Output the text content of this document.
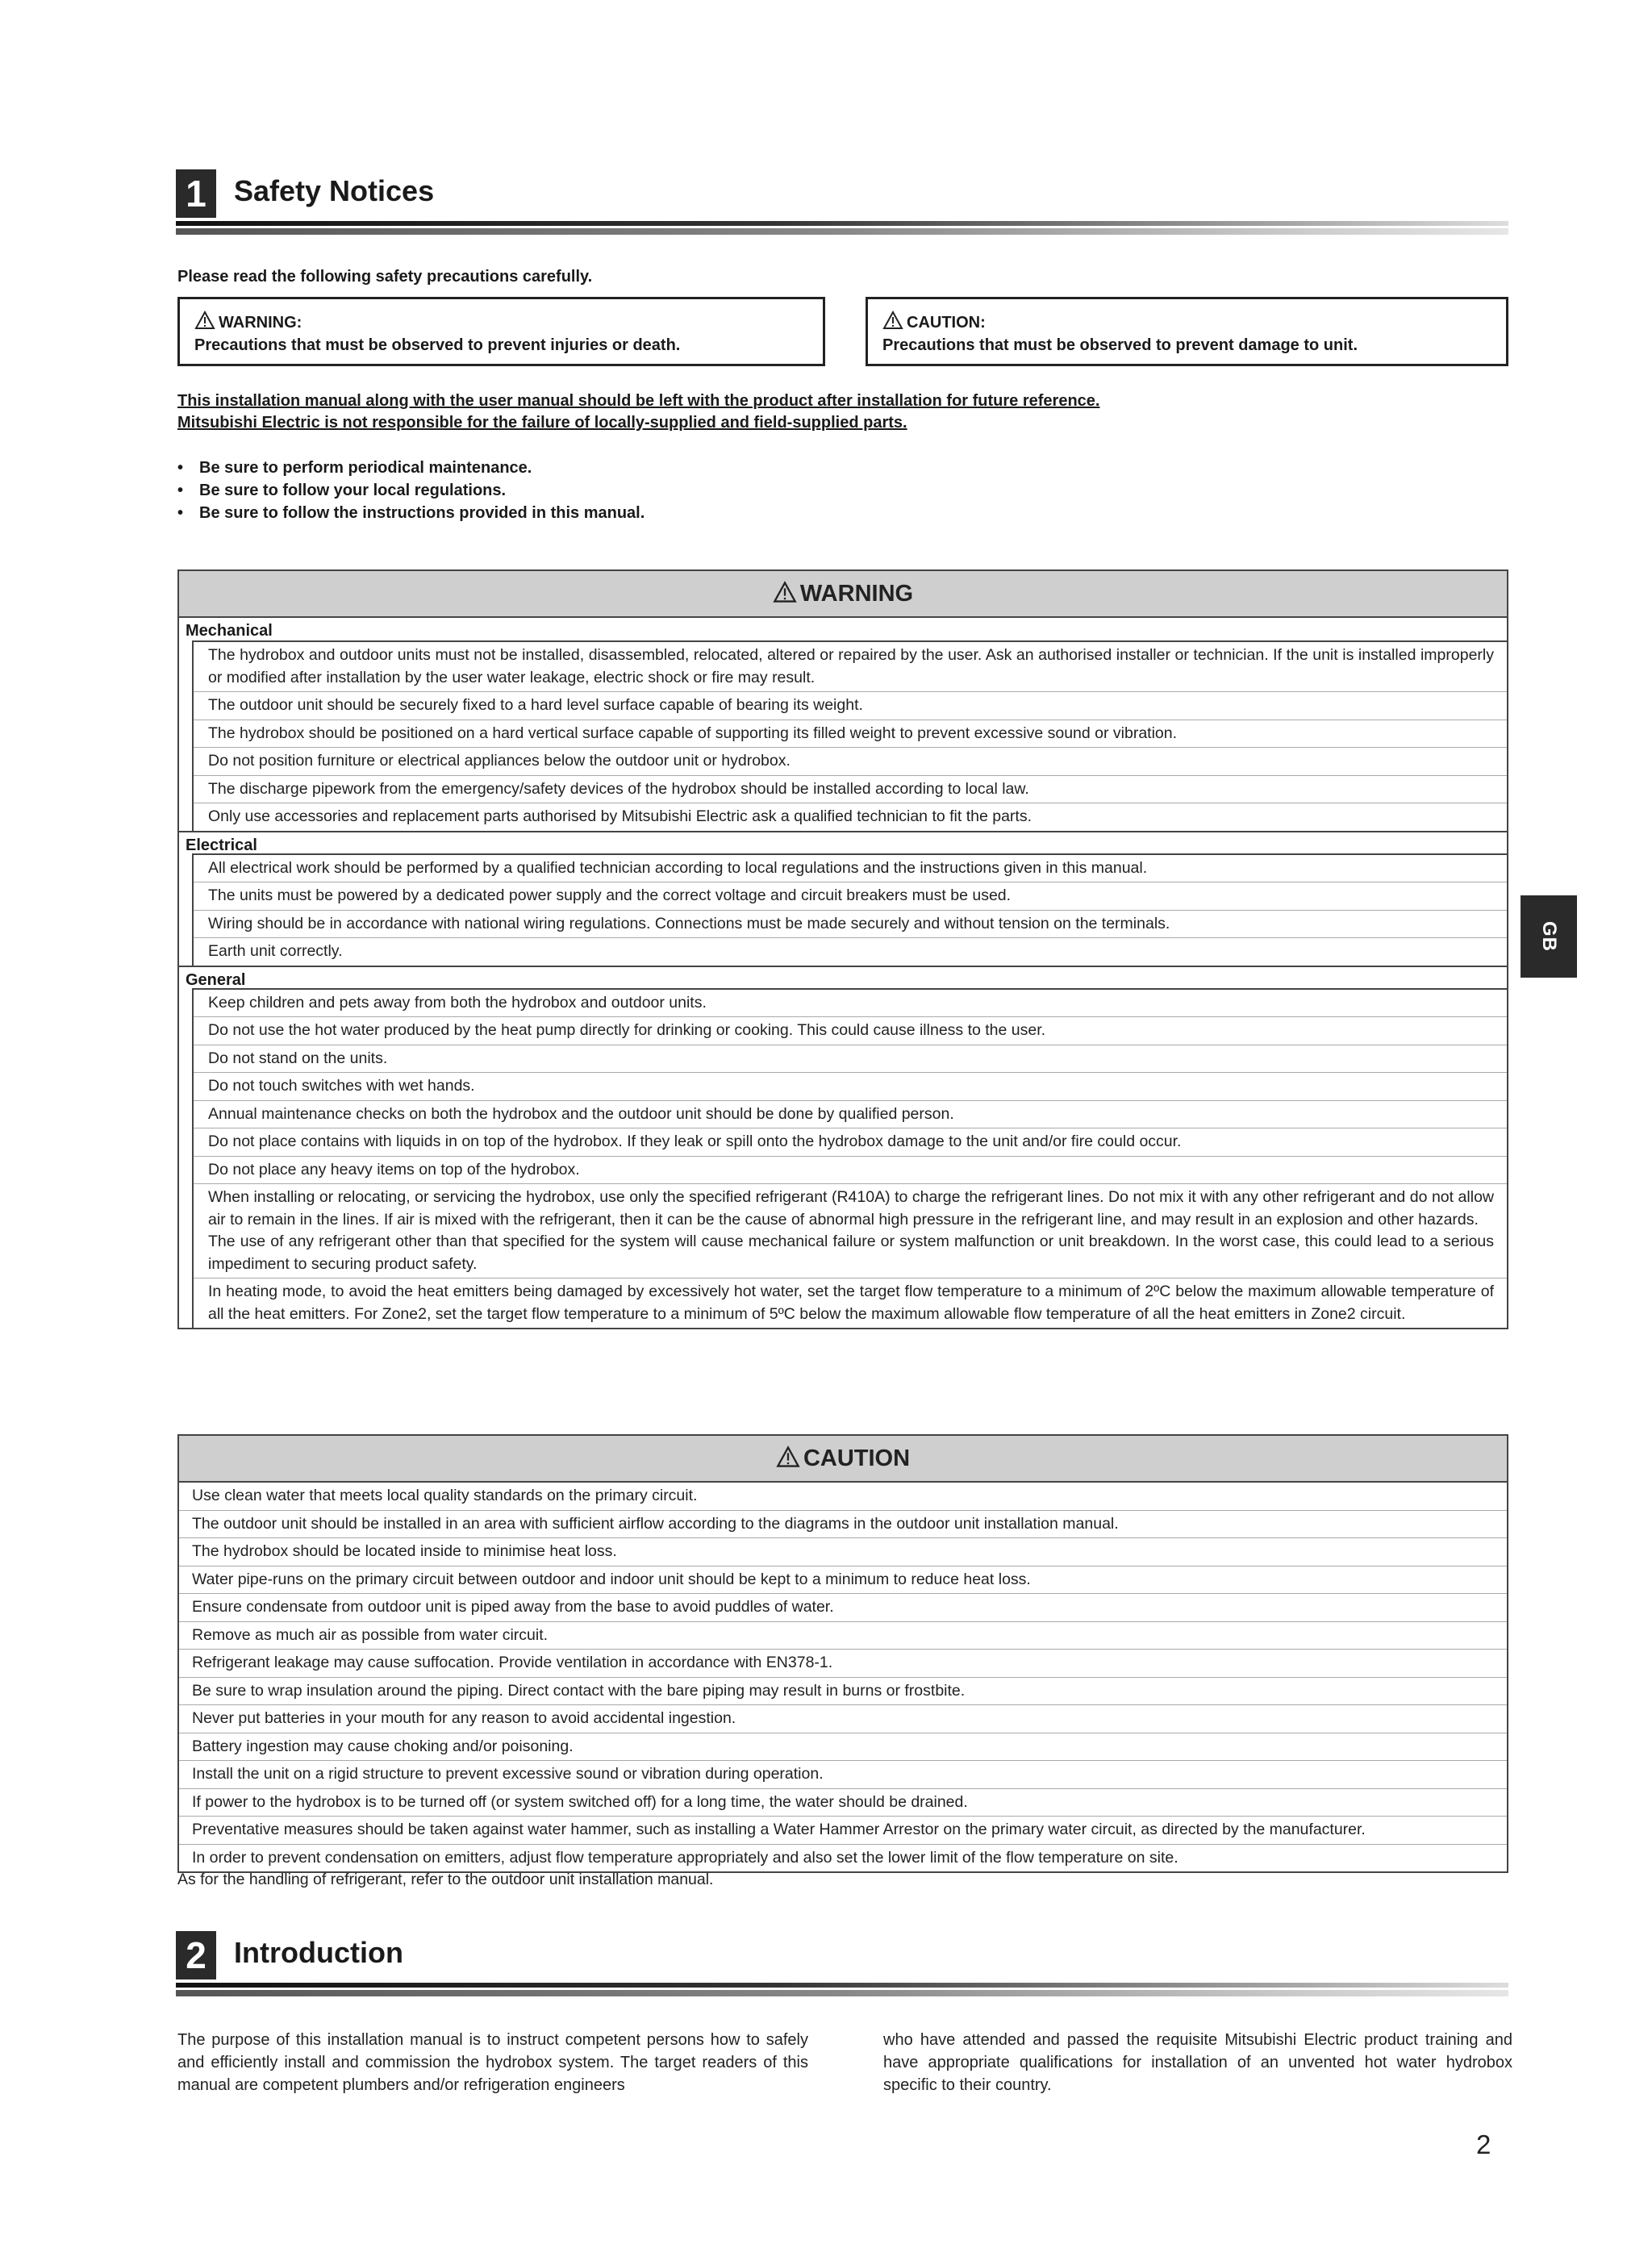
1 Safety Notices
Please read the following safety precautions carefully.
WARNING:
Precautions that must be observed to prevent injuries or death.
CAUTION:
Precautions that must be observed to prevent damage to unit.
This installation manual along with the user manual should be left with the product after installation for future reference.
Mitsubishi Electric is not responsible for the failure of locally-supplied and field-supplied parts.
• Be sure to perform periodical maintenance.
• Be sure to follow your local regulations.
• Be sure to follow the instructions provided in this manual.
WARNING
Mechanical
The hydrobox and outdoor units must not be installed, disassembled, relocated, altered or repaired by the user. Ask an authorised installer or technician. If the unit is installed improperly or modified after installation by the user water leakage, electric shock or fire may result.
The outdoor unit should be securely fixed to a hard level surface capable of bearing its weight.
The hydrobox should be positioned on a hard vertical surface capable of supporting its filled weight to prevent excessive sound or vibration.
Do not position furniture or electrical appliances below the outdoor unit or hydrobox.
The discharge pipework from the emergency/safety devices of the hydrobox should be installed according to local law.
Only use accessories and replacement parts authorised by Mitsubishi Electric ask a qualified technician to fit the parts.
Electrical
All electrical work should be performed by a qualified technician according to local regulations and the instructions given in this manual.
The units must be powered by a dedicated power supply and the correct voltage and circuit breakers must be used.
Wiring should be in accordance with national wiring regulations. Connections must be made securely and without tension on the terminals.
Earth unit correctly.
General
Keep children and pets away from both the hydrobox and outdoor units.
Do not use the hot water produced by the heat pump directly for drinking or cooking. This could cause illness to the user.
Do not stand on the units.
Do not touch switches with wet hands.
Annual maintenance checks on both the hydrobox and the outdoor unit should be done by qualified person.
Do not place contains with liquids in on top of the hydrobox. If they leak or spill onto the hydrobox damage to the unit and/or fire could occur.
Do not place any heavy items on top of the hydrobox.
When installing or relocating, or servicing the hydrobox, use only the specified refrigerant (R410A) to charge the refrigerant lines. Do not mix it with any other refrigerant and do not allow air to remain in the lines. If air is mixed with the refrigerant, then it can be the cause of abnormal high pressure in the refrigerant line, and may result in an explosion and other hazards.
The use of any refrigerant other than that specified for the system will cause mechanical failure or system malfunction or unit breakdown. In the worst case, this could lead to a serious impediment to securing product safety.
In heating mode, to avoid the heat emitters being damaged by excessively hot water, set the target flow temperature to a minimum of 2ºC below the maximum allowable temperature of all the heat emitters. For Zone2, set the target flow temperature to a minimum of 5ºC below the maximum allowable flow temperature of all the heat emitters in Zone2 circuit.
CAUTION
Use clean water that meets local quality standards on the primary circuit.
The outdoor unit should be installed in an area with sufficient airflow according to the diagrams in the outdoor unit installation manual.
The hydrobox should be located inside to minimise heat loss.
Water pipe-runs on the primary circuit between outdoor and indoor unit should be kept to a minimum to reduce heat loss.
Ensure condensate from outdoor unit is piped away from the base to avoid puddles of water.
Remove as much air as possible from water circuit.
Refrigerant leakage may cause suffocation. Provide ventilation in accordance with EN378-1.
Be sure to wrap insulation around the piping. Direct contact with the bare piping may result in burns or frostbite.
Never put batteries in your mouth for any reason to avoid accidental ingestion.
Battery ingestion may cause choking and/or poisoning.
Install the unit on a rigid structure to prevent excessive sound or vibration during operation.
If power to the hydrobox is to be turned off (or system switched off) for a long time, the water should be drained.
Preventative measures should be taken against water hammer, such as installing a Water Hammer Arrestor on the primary water circuit, as directed by the manufacturer.
In order to prevent condensation on emitters, adjust flow temperature appropriately and also set the lower limit of the flow temperature on site.
As for the handling of refrigerant, refer to the outdoor unit installation manual.
2 Introduction
The purpose of this installation manual is to instruct competent persons how to safely and efficiently install and commission the hydrobox system. The target readers of this manual are competent plumbers and/or refrigeration engineers
who have attended and passed the requisite Mitsubishi Electric product training and have appropriate qualifications for installation of an unvented hot water hydrobox specific to their country.
GB
2
